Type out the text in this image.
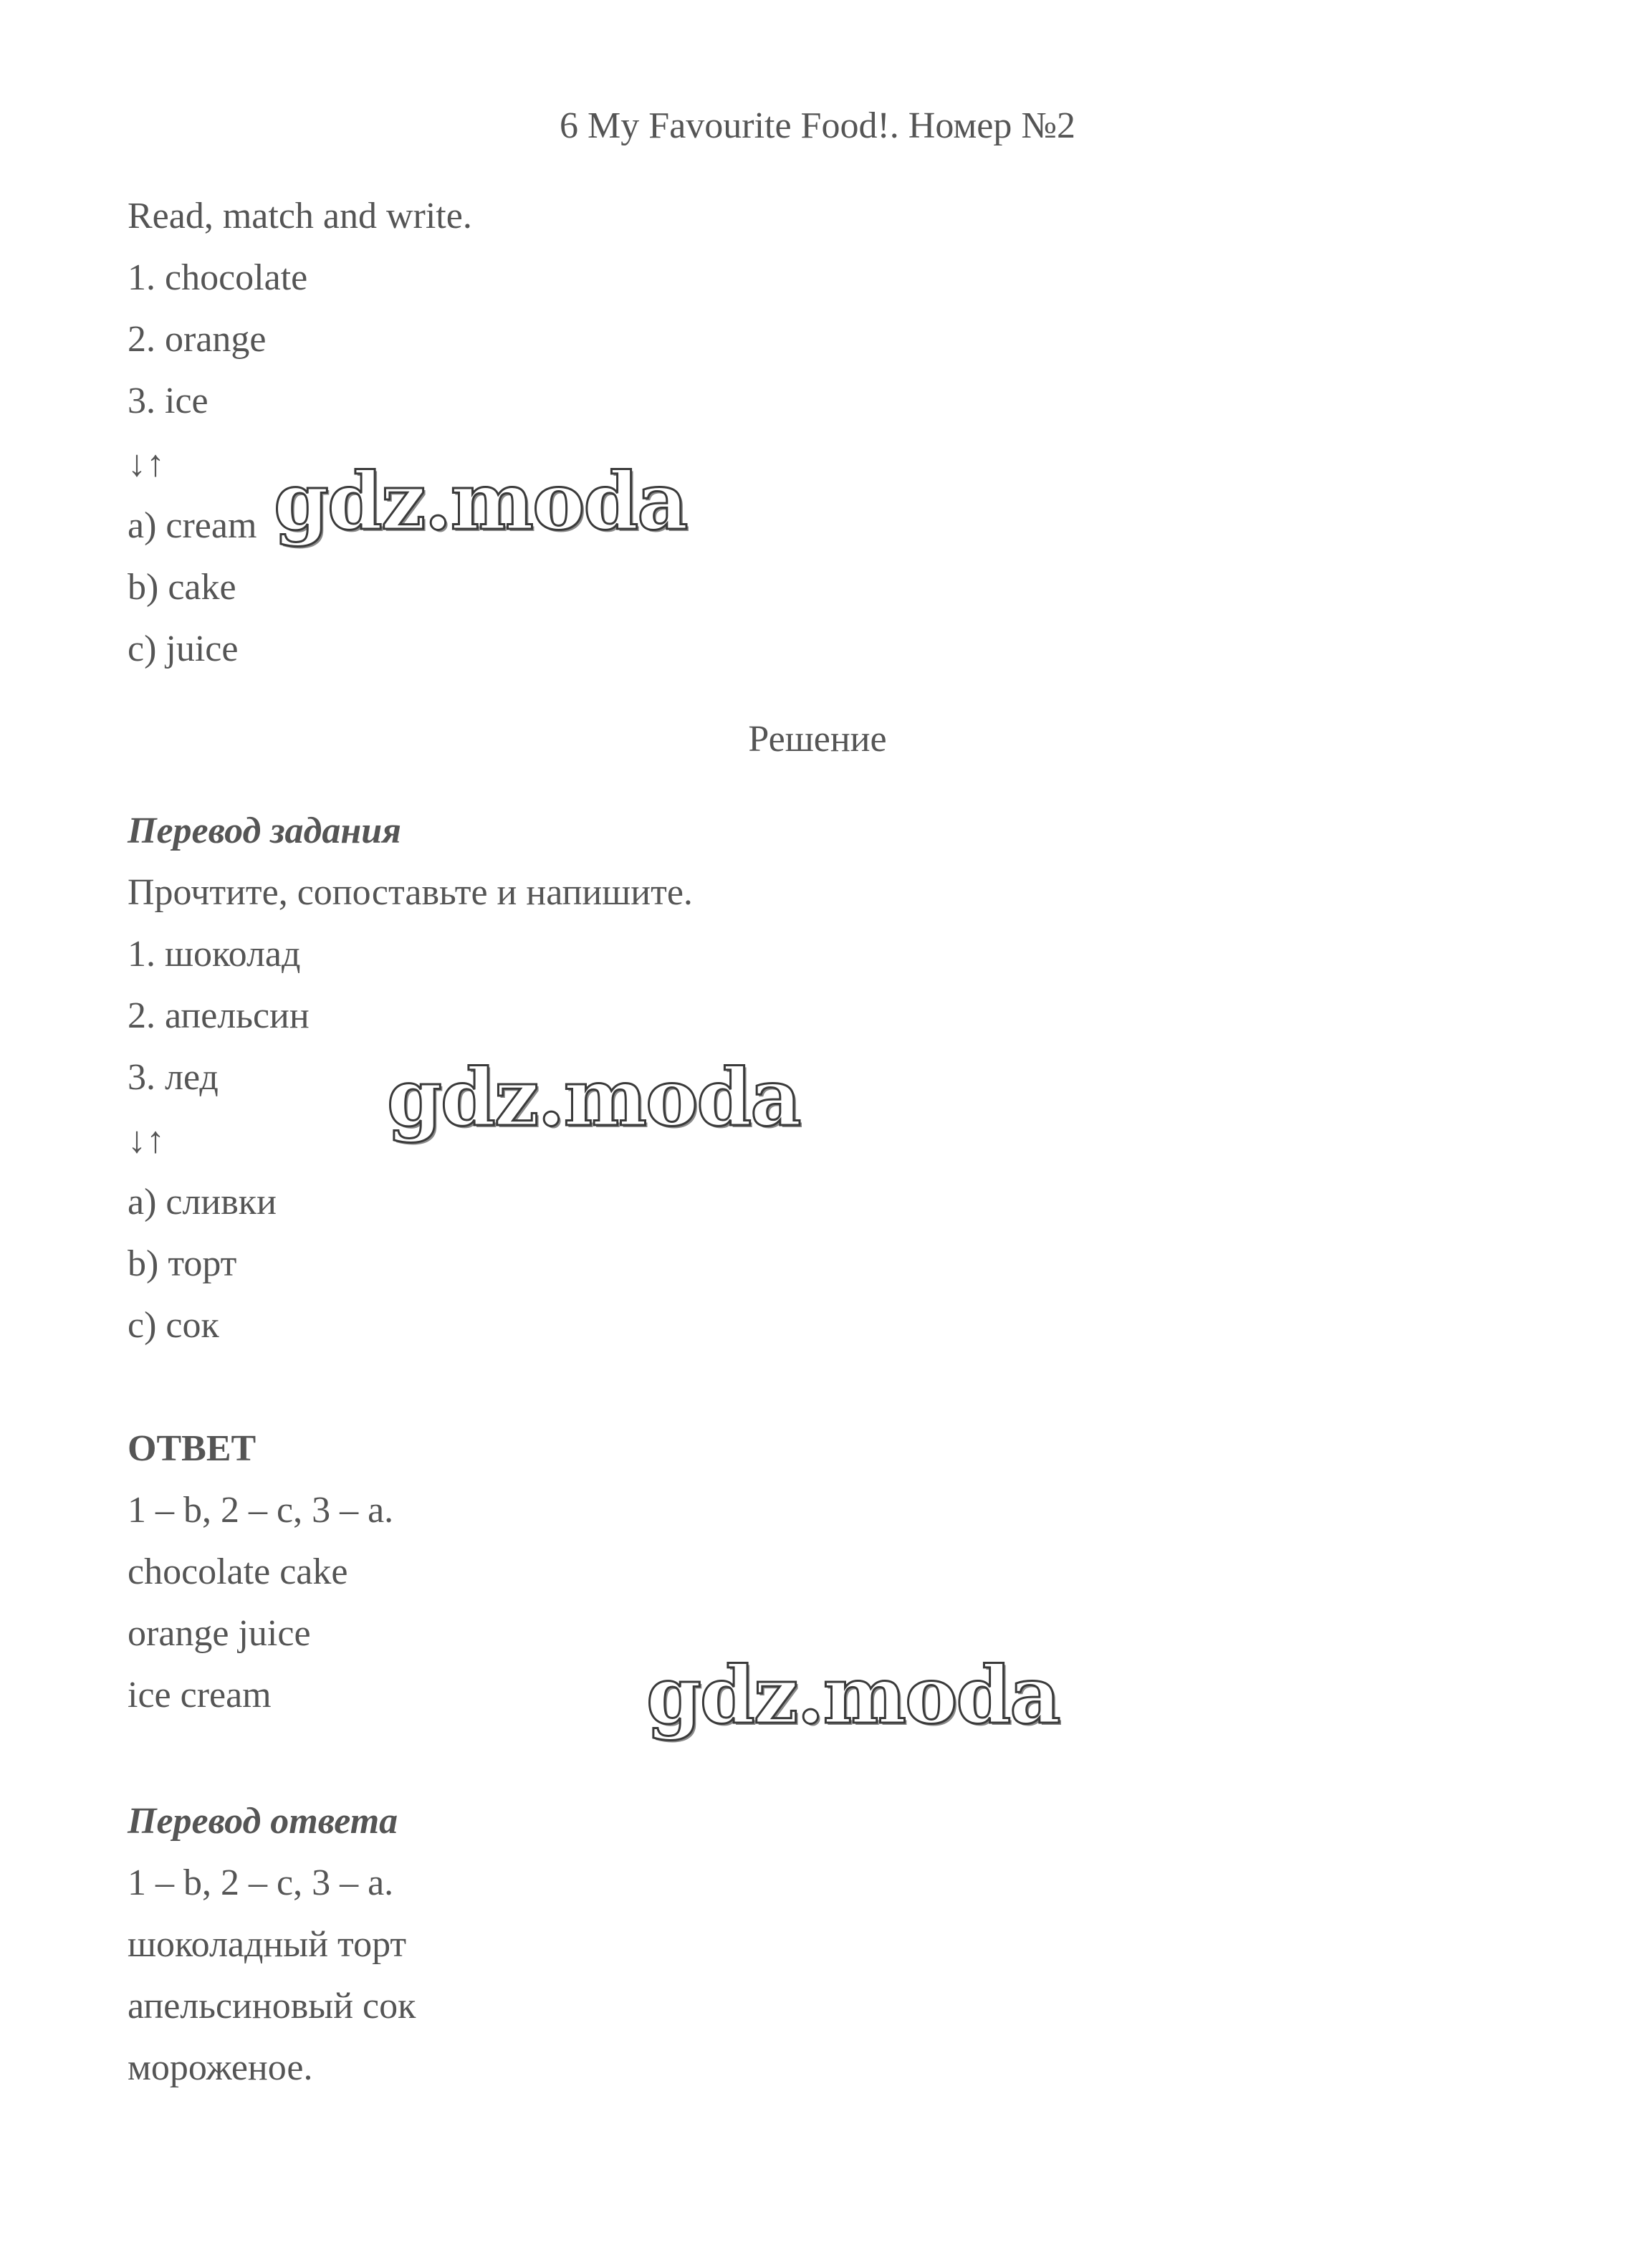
6 My Favourite Food!. Номер №2
Read, match and write.
1. chocolate
2. orange
3. ice
↓↑
a) cream
b) cake
c) juice
Решение
Перевод задания
Прочтите, сопоставьте и напишите.
1. шоколад
2. апельсин
3. лед
↓↑
a) сливки
b) торт
c) сок
ОТВЕТ
1 – b, 2 – c, 3 – a.
chocolate cake
orange juice
ice cream
Перевод ответа
1 – b, 2 – c, 3 – a.
шоколадный торт
апельсиновый сок
мороженое.
gdz.moda
gdz.moda
gdz.moda
